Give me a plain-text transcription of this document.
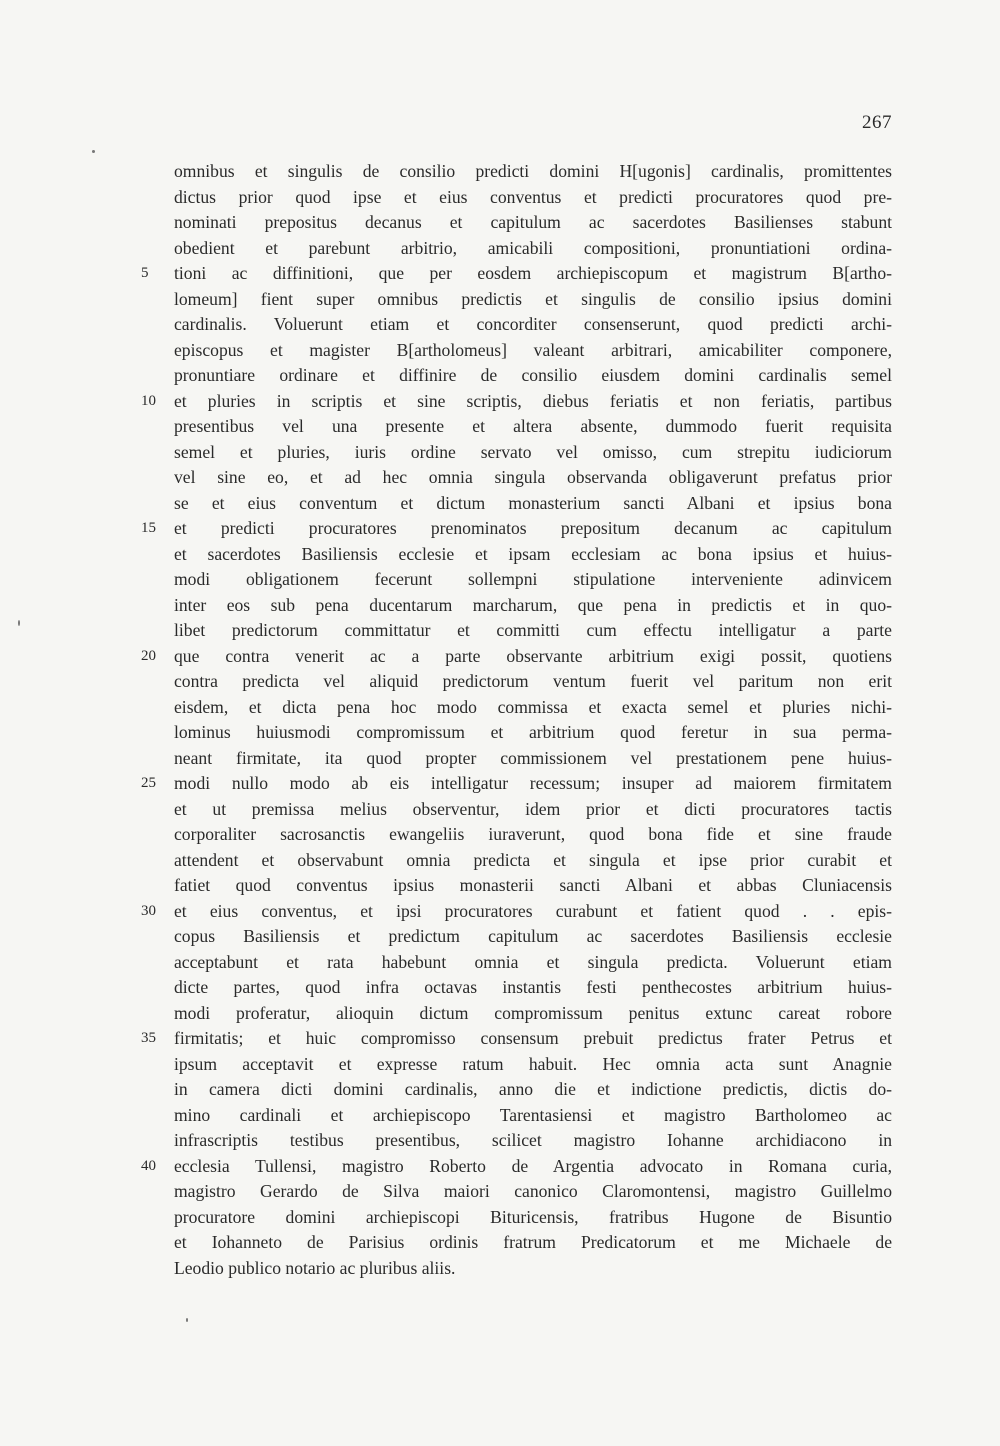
267
omnibus et singulis de consilio predicti domini H[ugonis] cardinalis, promittentes
dictus prior quod ipse et eius conventus et predicti procuratores quod pre-
nominati prepositus decanus et capitulum ac sacerdotes Basilienses stabunt
obedient et parebunt arbitrio, amicabili compositioni, pronuntiationi ordina-
5	tioni ac diffinitioni, que per eosdem archiepiscopum et magistrum B[artho-
lomeum] fient super omnibus predictis et singulis de consilio ipsius domini
cardinalis. Voluerunt etiam et concorditer consenserunt, quod predicti archi-
episcopus et magister B[artholomeus] valeant arbitrari, amicabiliter componere,
pronuntiare ordinare et diffinire de consilio eiusdem domini cardinalis semel
10	et pluries in scriptis et sine scriptis, diebus feriatis et non feriatis, partibus
presentibus vel una presente et altera absente, dummodo fuerit requisita
semel et pluries, iuris ordine servato vel omisso, cum strepitu iudiciorum
vel sine eo, et ad hec omnia singula observanda obligaverunt prefatus prior
se et eius conventum et dictum monasterium sancti Albani et ipsius bona
15	et predicti procuratores prenominatos prepositum decanum ac capitulum
et sacerdotes Basiliensis ecclesie et ipsam ecclesiam ac bona ipsius et huius-
modi obligationem fecerunt sollempni stipulatione interveniente adinvicem
inter eos sub pena ducentarum marcharum, que pena in predictis et in quo-
libet predictorum committatur et committi cum effectu intelligatur a parte
20	que contra venerit ac a parte observante arbitrium exigi possit, quotiens
contra predicta vel aliquid predictorum ventum fuerit vel paritum non erit
eisdem, et dicta pena hoc modo commissa et exacta semel et pluries nichi-
lominus huiusmodi compromissum et arbitrium quod feretur in sua perma-
neant firmitate, ita quod propter commissionem vel prestationem pene huius-
25	modi nullo modo ab eis intelligatur recessum; insuper ad maiorem firmitatem
et ut premissa melius observentur, idem prior et dicti procuratores tactis
corporaliter sacrosanctis ewangeliis iuraverunt, quod bona fide et sine fraude
attendent et observabunt omnia predicta et singula et ipse prior curabit et
fatiet quod conventus ipsius monasterii sancti Albani et abbas Cluniacensis
30	et eius conventus, et ipsi procuratores curabunt et fatient quod . . epis-
copus Basiliensis et predictum capitulum ac sacerdotes Basiliensis ecclesie
acceptabunt et rata habebunt omnia et singula predicta. Voluerunt etiam
dicte partes, quod infra octavas instantis festi penthecostes arbitrium huius-
modi proferatur, alioquin dictum compromissum penitus extunc careat robore
35	firmitatis; et huic compromisso consensum prebuit predictus frater Petrus et
ipsum acceptavit et expresse ratum habuit. Hec omnia acta sunt Anagnie
in camera dicti domini cardinalis, anno die et indictione predictis, dictis do-
mino cardinali et archiepiscopo Tarentasiensi et magistro Bartholomeo ac
infrascriptis testibus presentibus, scilicet magistro Iohanne archidiacono in
40	ecclesia Tullensi, magistro Roberto de Argentia advocato in Romana curia,
magistro Gerardo de Silva maiori canonico Claromontensi, magistro Guillelmo
procuratore domini archiepiscopi Bituricensis, fratribus Hugone de Bisuntio
et Iohanneto de Parisius ordinis fratrum Predicatorum et me Michaele de
Leodio publico notario ac pluribus aliis.
